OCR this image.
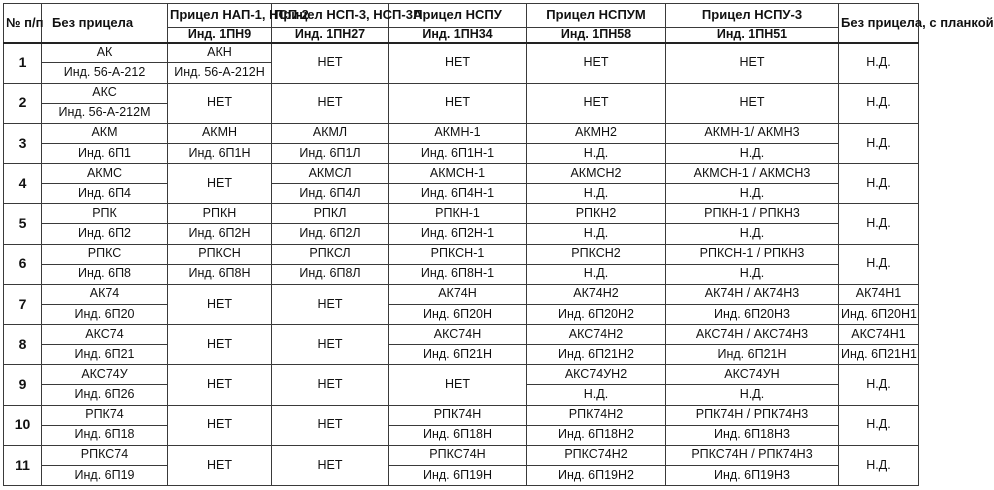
№ п/п	Без прицела	Прицел НАП-1, НСП-2	Прицел НСП-3, НСП-3А	Прицел НСПУ	Прицел НСПУМ	Прицел НСПУ-3	Без прицела, с планкой
		Инд. 1ПН9	Инд. 1ПН27	Инд. 1ПН34	Инд. 1ПН58	Инд. 1ПН51	
1	АК	АКН	НЕТ	НЕТ	НЕТ	НЕТ	Н.Д.
	Инд. 56-А-212	Инд. 56-А-212Н					
2	АКС	НЕТ	НЕТ	НЕТ	НЕТ	НЕТ	Н.Д.
	Инд. 56-А-212М						
3	АКМ	АКМН	АКМЛ	АКМН-1	АКМН2	АКМН-1/ АКМН3	Н.Д.
	Инд. 6П1	Инд. 6П1Н	Инд. 6П1Л	Инд. 6П1Н-1	Н.Д.	Н.Д.	
4	АКМС	НЕТ	АКМСЛ	АКМСН-1	АКМСН2	АКМСН-1 / АКМСН3	Н.Д.
	Инд. 6П4		Инд. 6П4Л	Инд. 6П4Н-1	Н.Д.	Н.Д.	
5	РПК	РПКН	РПКЛ	РПКН-1	РПКН2	РПКН-1 / РПКН3	Н.Д.
	Инд. 6П2	Инд. 6П2Н	Инд. 6П2Л	Инд. 6П2Н-1	Н.Д.	Н.Д.	
6	РПКС	РПКСН	РПКСЛ	РПКСН-1	РПКСН2	РПКСН-1 / РПКН3	Н.Д.
	Инд. 6П8	Инд. 6П8Н	Инд. 6П8Л	Инд. 6П8Н-1	Н.Д.	Н.Д.	
7	АК74	НЕТ	НЕТ	АК74Н	АК74Н2	АК74Н / АК74Н3	АК74Н1
	Инд. 6П20			Инд. 6П20Н	Инд. 6П20Н2	Инд. 6П20Н3	Инд. 6П20Н1
8	АКС74	НЕТ	НЕТ	АКС74Н	АКС74Н2	АКС74Н / АКС74Н3	АКС74Н1
	Инд. 6П21			Инд. 6П21Н	Инд. 6П21Н2	Инд. 6П21Н	Инд. 6П21Н1
9	АКС74У	НЕТ	НЕТ	НЕТ	АКС74УН2	АКС74УН	Н.Д.
	Инд. 6П26				Н.Д.	Н.Д.	
10	РПК74	НЕТ	НЕТ	РПК74Н	РПК74Н2	РПК74Н / РПК74Н3	Н.Д.
	Инд. 6П18			Инд. 6П18Н	Инд. 6П18Н2	Инд. 6П18Н3	
11	РПКС74	НЕТ	НЕТ	РПКС74Н	РПКС74Н2	РПКС74Н / РПК74Н3	Н.Д.
	Инд. 6П19			Инд. 6П19Н	Инд. 6П19Н2	Инд. 6П19Н3	
